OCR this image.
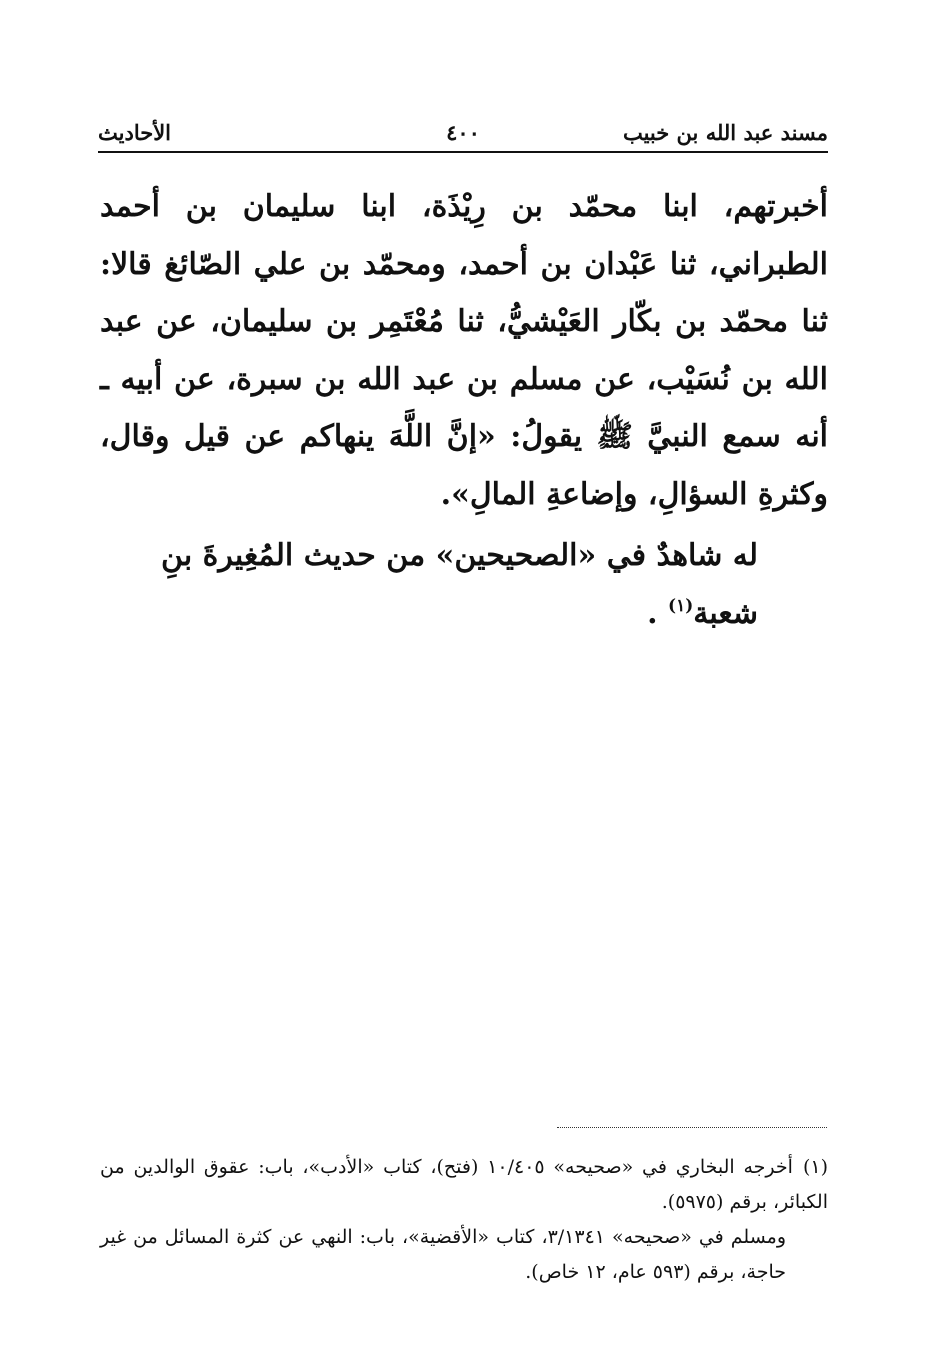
مسند عبد الله بن خبيب
٤٠٠
الأحاديث

أخبرتهم، ابنا محمّد بن رِيْذَة، ابنا سليمان بن أحمد الطبراني، ثنا عَبْدان بن أحمد، ومحمّد بن علي الصّائغ قالا: ثنا محمّد بن بكّار العَيْشيُّ، ثنا مُعْتَمِر بن سليمان، عن عبد الله بن نُسَيْب، عن مسلم بن عبد الله بن سبرة، عن أبيه ـ أنه سمع النبيَّ ﷺ يقولُ: «إنَّ اللَّهَ ينهاكم عن قيل وقال، وكثرةِ السؤالِ، وإضاعةِ المالِ».

له شاهدٌ في «الصحيحين» من حديث المُغِيرةَ بنِ شعبة$^{(١)}$ .

(١)أخرجه البخاري في «صحيحه» ١٠/٤٠٥ (فتح)، كتاب «الأدب»، باب: عقوق الوالدين من الكبائر، برقم (٥٩٧٥).

ومسلم في «صحيحه» ٣/١٣٤١، كتاب «الأقضية»، باب: النهي عن كثرة المسائل من غير حاجة، برقم (٥٩٣ عام، ١٢ خاص).
